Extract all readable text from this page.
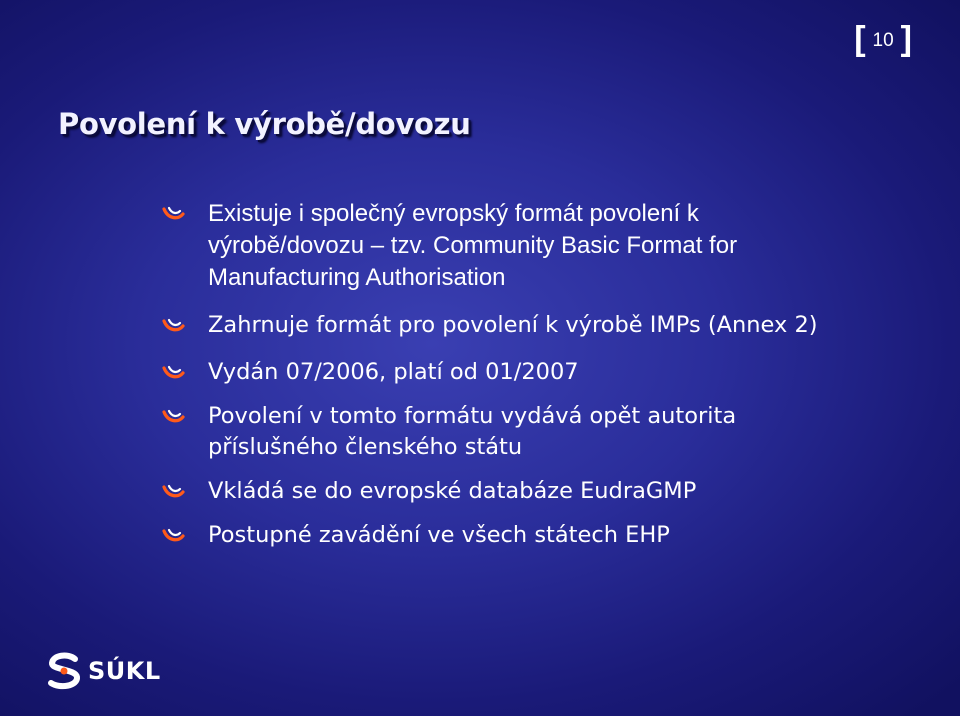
[ 10 ]
Povolení k výrobě/dovozu
Existuje i společný evropský formát povolení k výrobě/dovozu – tzv. Community Basic Format for Manufacturing Authorisation
Zahrnuje formát pro povolení k výrobě IMPs (Annex 2)
Vydán 07/2006, platí od 01/2007
Povolení v tomto formátu vydává opět autorita příslušného členského státu
Vkládá se do evropské databáze EudraGMP
Postupné zavádění ve všech státech EHP
SÚKL
